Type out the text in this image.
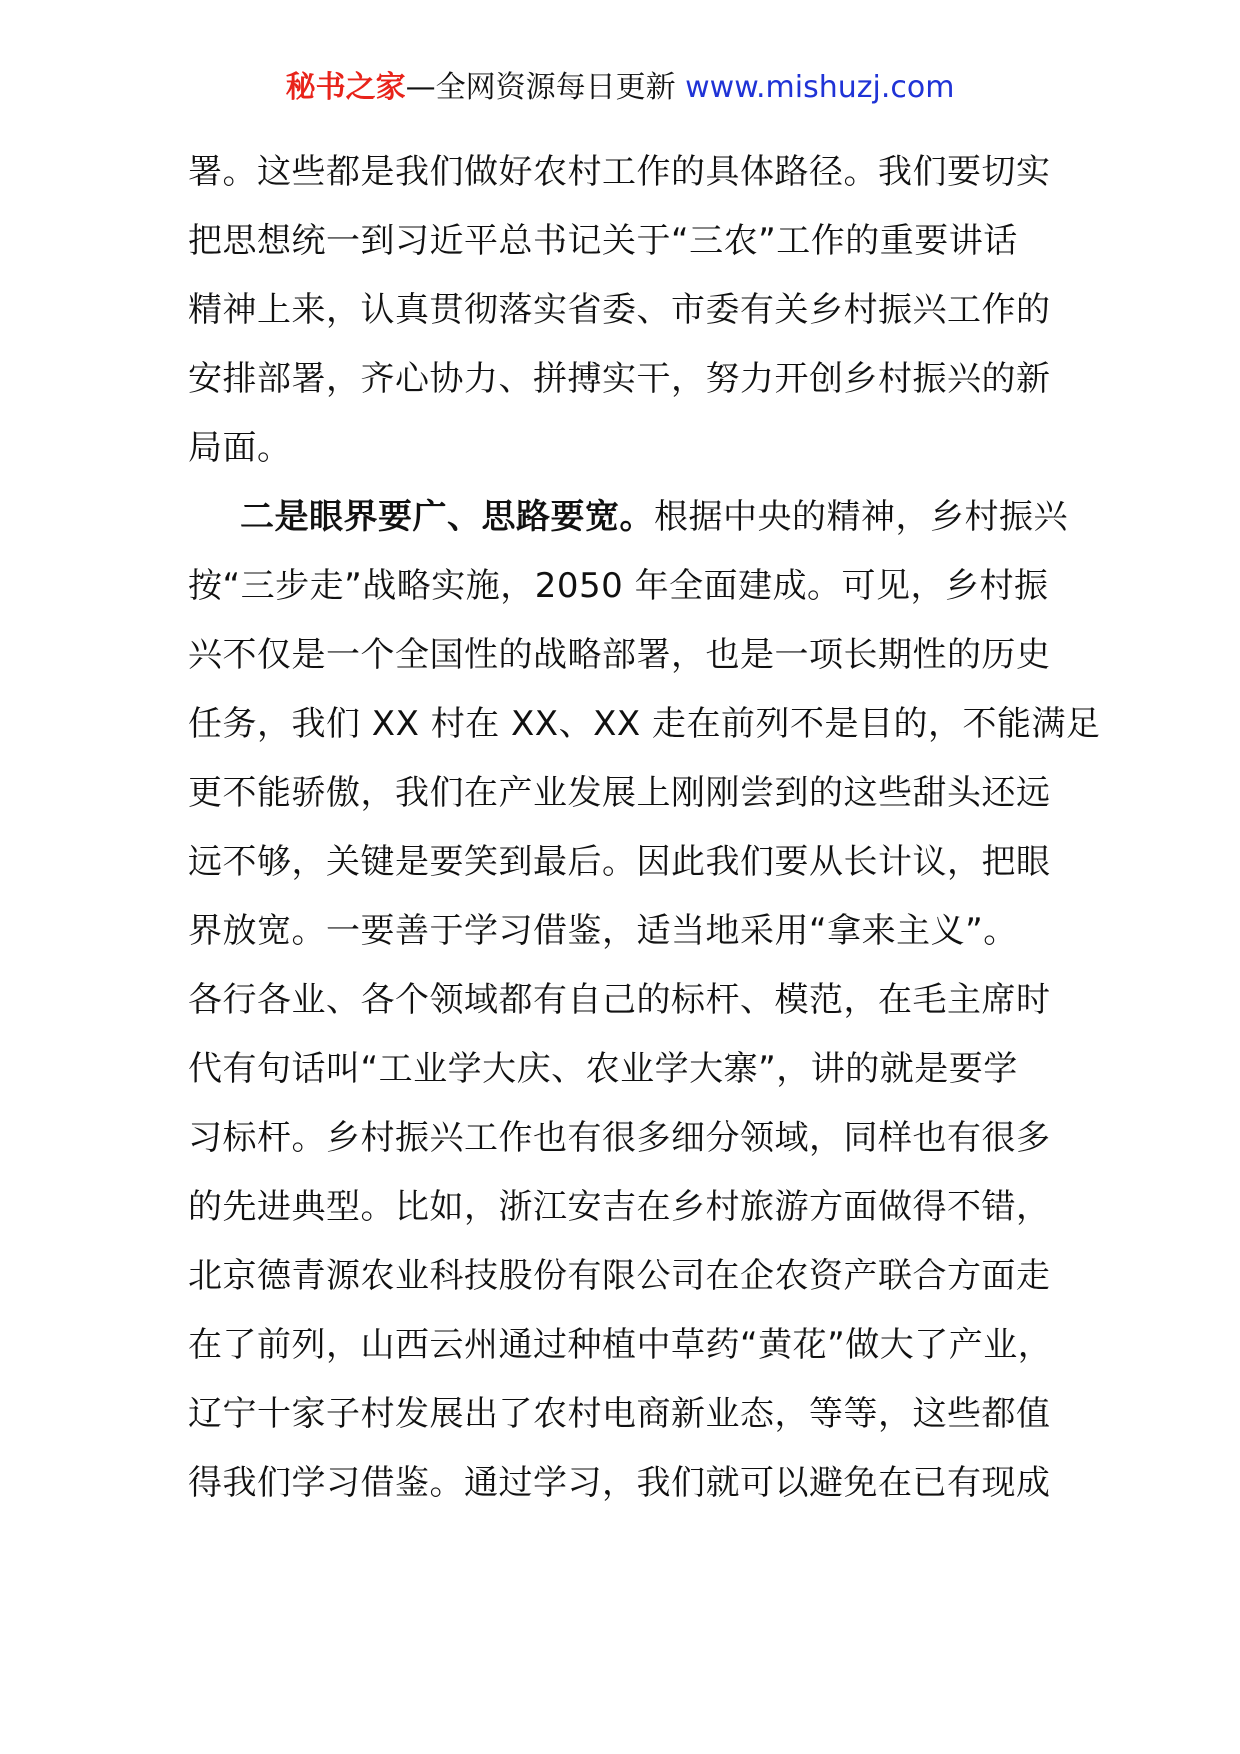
秘书之家—全网资源每日更新 www.mishuzj.com
署。这些都是我们做好农村工作的具体路径。我们要切实
把思想统一到习近平总书记关于“三农”工作的重要讲话
精神上来，认真贯彻落实省委、市委有关乡村振兴工作的
安排部署，齐心协力、拼搏实干，努力开创乡村振兴的新
局面。
二是眼界要广、思路要宽。根据中央的精神，乡村振兴
按“三步走”战略实施，2050 年全面建成。可见，乡村振
兴不仅是一个全国性的战略部署，也是一项长期性的历史
任务，我们 XX 村在 XX、XX 走在前列不是目的，不能满足
更不能骄傲，我们在产业发展上刚刚尝到的这些甜头还远
远不够，关键是要笑到最后。因此我们要从长计议，把眼
界放宽。一要善于学习借鉴，适当地采用“拿来主义”。
各行各业、各个领域都有自己的标杆、模范，在毛主席时
代有句话叫“工业学大庆、农业学大寨”，讲的就是要学
习标杆。乡村振兴工作也有很多细分领域，同样也有很多
的先进典型。比如，浙江安吉在乡村旅游方面做得不错，
北京德青源农业科技股份有限公司在企农资产联合方面走
在了前列，山西云州通过种植中草药“黄花”做大了产业，
辽宁十家子村发展出了农村电商新业态，等等，这些都值
得我们学习借鉴。通过学习，我们就可以避免在已有现成
